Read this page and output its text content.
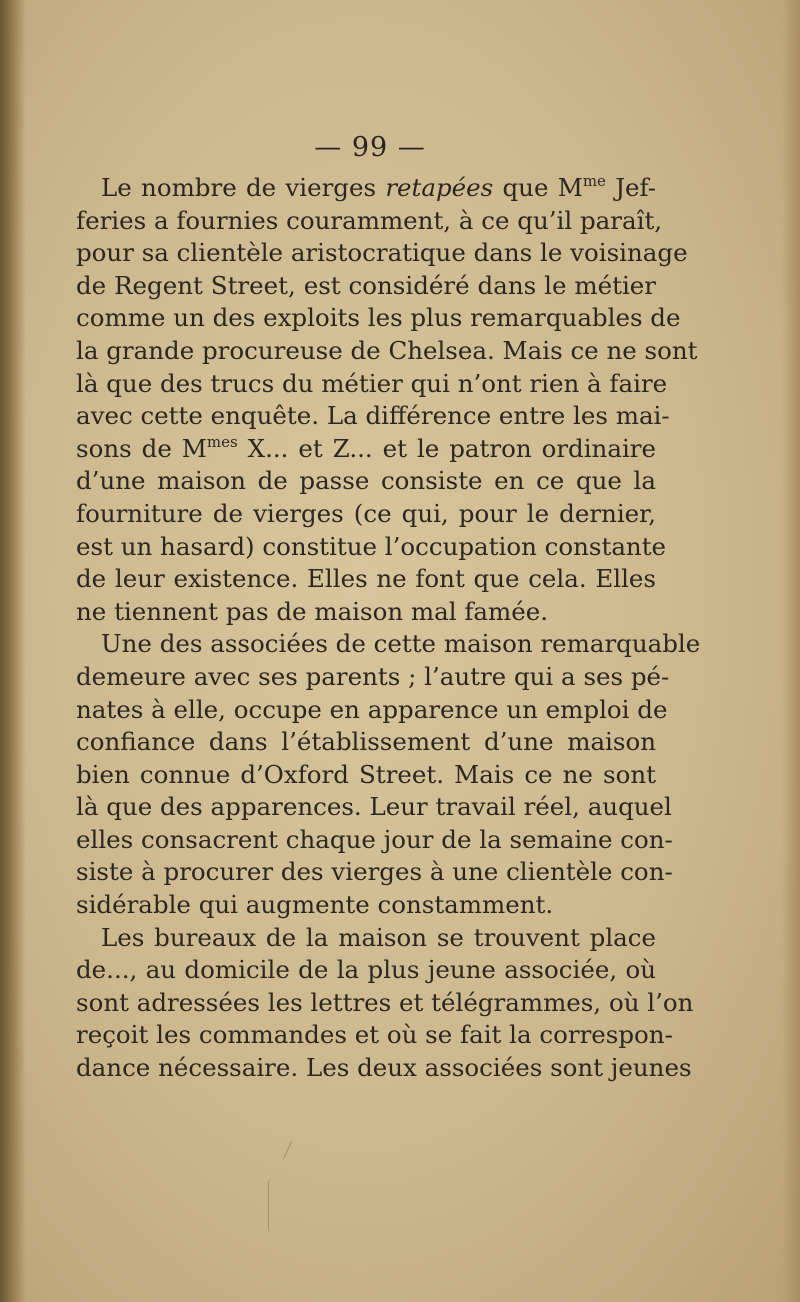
— 99 —
Le nombre de vierges retapées que $M^{me}$ Jef-
feries a fournies couramment, à ce qu’il paraît,
pour sa clientèle aristocratique dans le voisinage
de Regent Street, est considéré dans le métier
comme un des exploits les plus remarquables de
la grande procureuse de Chelsea. Mais ce ne sont
là que des trucs du métier qui n’ont rien à faire
avec cette enquête. La différence entre les mai-
sons de $M^{mes}$ X... et Z... et le patron ordinaire
d’une maison de passe consiste en ce que la
fourniture de vierges (ce qui, pour le dernier,
est un hasard) constitue l’occupation constante
de leur existence. Elles ne font que cela. Elles
ne tiennent pas de maison mal famée.
Une des associées de cette maison remarquable
demeure avec ses parents ; l’autre qui a ses pé-
nates à elle, occupe en apparence un emploi de
confiance dans l’établissement d’une maison
bien connue d’Oxford Street. Mais ce ne sont
là que des apparences. Leur travail réel, auquel
elles consacrent chaque jour de la semaine con-
siste à procurer des vierges à une clientèle con-
sidérable qui augmente constamment.
Les bureaux de la maison se trouvent place
de..., au domicile de la plus jeune associée, où
sont adressées les lettres et télégrammes, où l’on
reçoit les commandes et où se fait la correspon-
dance nécessaire. Les deux associées sont jeunes
